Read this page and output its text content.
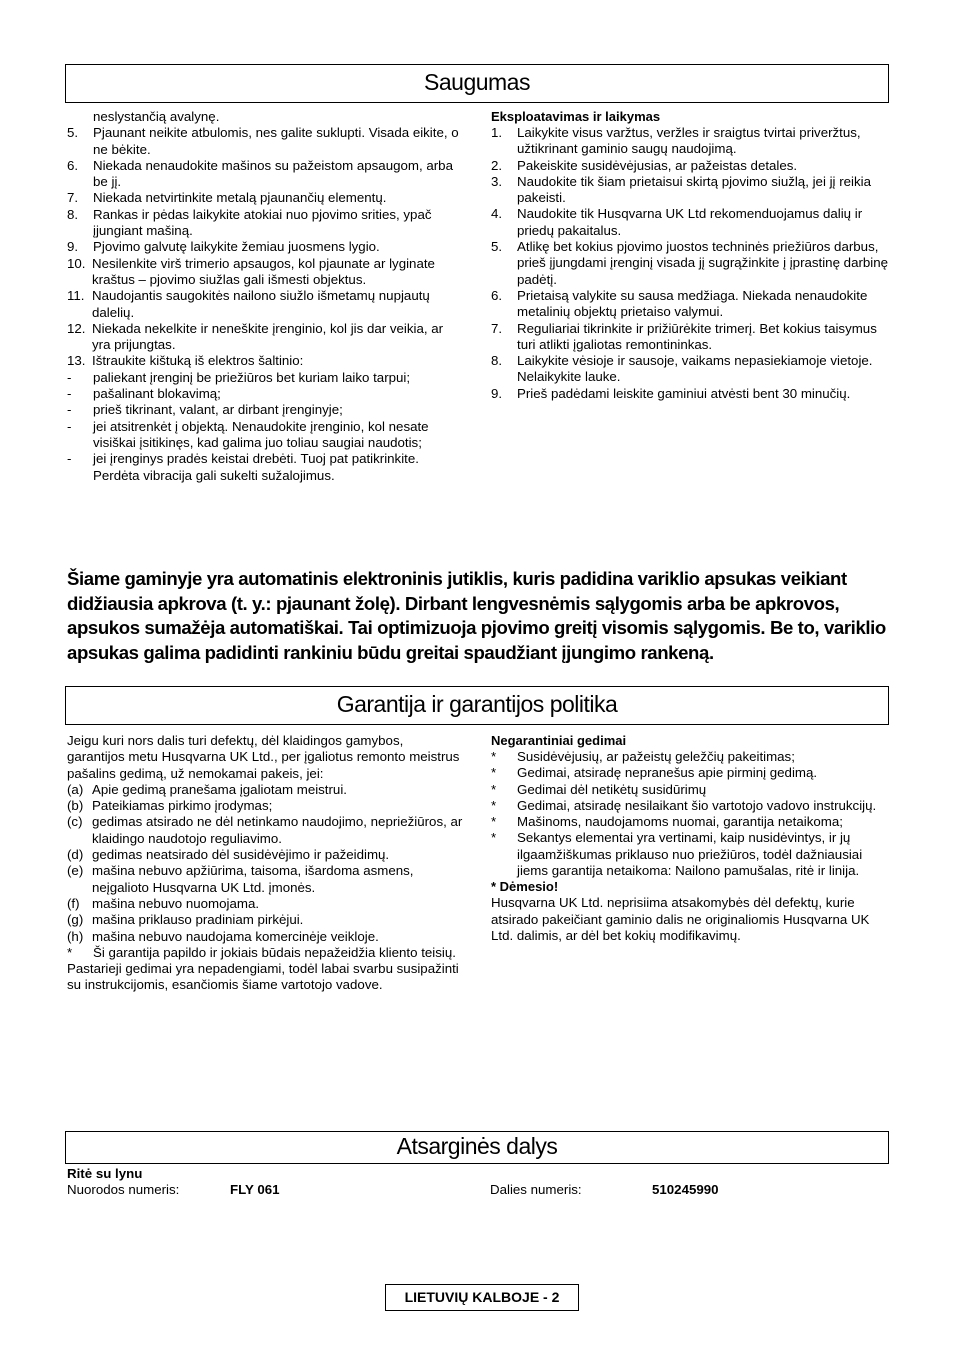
Saugumas
neslystančią avalynę.
5.	Pjaunant neikite atbulomis, nes galite suklupti. Visada eikite, o ne bėkite.
6.	Niekada nenaudokite mašinos su pažeistom apsaugom, arba be jį.
7.	Niekada netvirtinkite metalą pjaunančių elementų.
8.	Rankas ir pėdas laikykite atokiai nuo pjovimo srities, ypač įjungiant mašiną.
9.	Pjovimo galvutę laikykite žemiau juosmens lygio.
10. Nesilenkite virš trimerio apsaugos, kol pjaunate ar lyginate kraštus – pjovimo siužlas gali išmesti objektus.
11. Naudojantis saugokitės nailono siužlo išmetamų nupjautų dalelių.
12. Niekada nekelkite ir neneškite įrenginio, kol jis dar veikia, ar yra prijungtas.
13. Ištraukite kištuką iš elektros šaltinio:
-	paliekant įrenginį be priežiūros bet kuriam laiko tarpui;
-	pašalinant blokavimą;
-	prieš tikrinant, valant, ar dirbant įrenginyje;
-	jei atsitrenkėt į objektą. Nenaudokite įrenginio, kol nesate visiškai įsitikinęs, kad galima juo toliau saugiai naudotis;
-	jei įrenginys pradės keistai drebėti. Tuoj pat patikrinkite. Perdėta vibracija gali sukelti sužalojimus.
Eksploatavimas ir laikymas
1.	Laikykite visus varžtus, veržles ir sraigtus tvirtai priveržtus, užtikrinant gaminio saugų naudojimą.
2.	Pakeiskite susidėvėjusias, ar pažeistas detales.
3.	Naudokite tik šiam prietaisui skirtą pjovimo siužlą, jei jį reikia pakeisti.
4.	Naudokite tik Husqvarna UK Ltd rekomenduojamus dalių ir priedų pakaitalus.
5.	Atlikę bet kokius pjovimo juostos techninės priežiūros darbus, prieš įjungdami įrenginį visada jį sugrąžinkite į įprastinę darbinę padėtį.
6.	Prietaisą valykite su sausa medžiaga. Niekada nenaudokite metalinių objektų prietaiso valymui.
7.	Reguliariai tikrinkite ir prižiūrėkite trimerį. Bet kokius taisymus turi atlikti įgaliotas remontininkas.
8.	Laikykite vėsioje ir sausoje, vaikams nepasiekiamoje vietoje. Nelaikykite lauke.
9.	Prieš padėdami leiskite gaminiui atvėsti bent 30 minučių.
Šiame gaminyje yra automatinis elektroninis jutiklis, kuris padidina variklio apsukas veikiant didžiausia apkrova (t. y.: pjaunant žolę). Dirbant lengvesnėmis sąlygomis arba be apkrovos, apsukos sumažėja automatiškai. Tai optimizuoja pjovimo greitį visomis sąlygomis. Be to, variklio apsukas galima padidinti rankiniu būdu greitai spaudžiant įjungimo rankeną.
Garantija ir garantijos politika
Jeigu kuri nors dalis turi defektų, dėl klaidingos gamybos, garantijos metu Husqvarna UK Ltd., per įgaliotus remonto meistrus pašalins gedimą, už nemokamai pakeis, jei:
(a) Apie gedimą pranešama įgaliotam meistrui.
(b) Pateikiamas pirkimo įrodymas;
(c) gedimas atsirado ne dėl netinkamo naudojimo, nepriežiūros, ar klaidingo naudotojo reguliavimo.
(d) gedimas neatsirado dėl susidėvėjimo ir pažeidimų.
(e) mašina nebuvo apžiūrima, taisoma, išardoma asmens, neįgalioto Husqvarna UK Ltd. įmonės.
(f) mašina nebuvo nuomojama.
(g) mašina priklauso pradiniam pirkėjui.
(h) mašina nebuvo naudojama komercinėje veikloje.
*	Ši garantija papildo ir jokiais būdais nepažeidžia kliento teisių.
Pastarieji gedimai yra nepadengiami, todėl labai svarbu susipažinti su instrukcijomis, esančiomis šiame vartotojo vadove.
Negarantiniai gedimai
*	Susidėvėjusių, ar pažeistų geležčių pakeitimas;
*	Gedimai, atsiradę nepranešus apie pirminį gedimą.
*	Gedimai dėl netikėtų susidūrimų
*	Gedimai, atsiradę nesilaikant šio vartotojo vadovo instrukcijų.
*	Mašinoms, naudojamoms nuomai, garantija netaikoma;
*	Sekantys elementai yra vertinami, kaip nusidėvintys, ir jų ilgaamžiškumas priklauso nuo priežiūros, todėl dažniausiai jiems garantija netaikoma: Nailono pamušalas, ritė ir linija.
* Dėmesio!
Husqvarna UK Ltd. neprisiima atsakomybės dėl defektų, kurie atsirado pakeičiant gaminio dalis ne originaliomis Husqvarna UK Ltd. dalimis, ar dėl bet kokių modifikavimų.
Atsarginės dalys
Ritė su lynu
Nuorodos numeris:	FLY 061	Dalies numeris:	510245990
LIETUVIŲ KALBOJE - 2
